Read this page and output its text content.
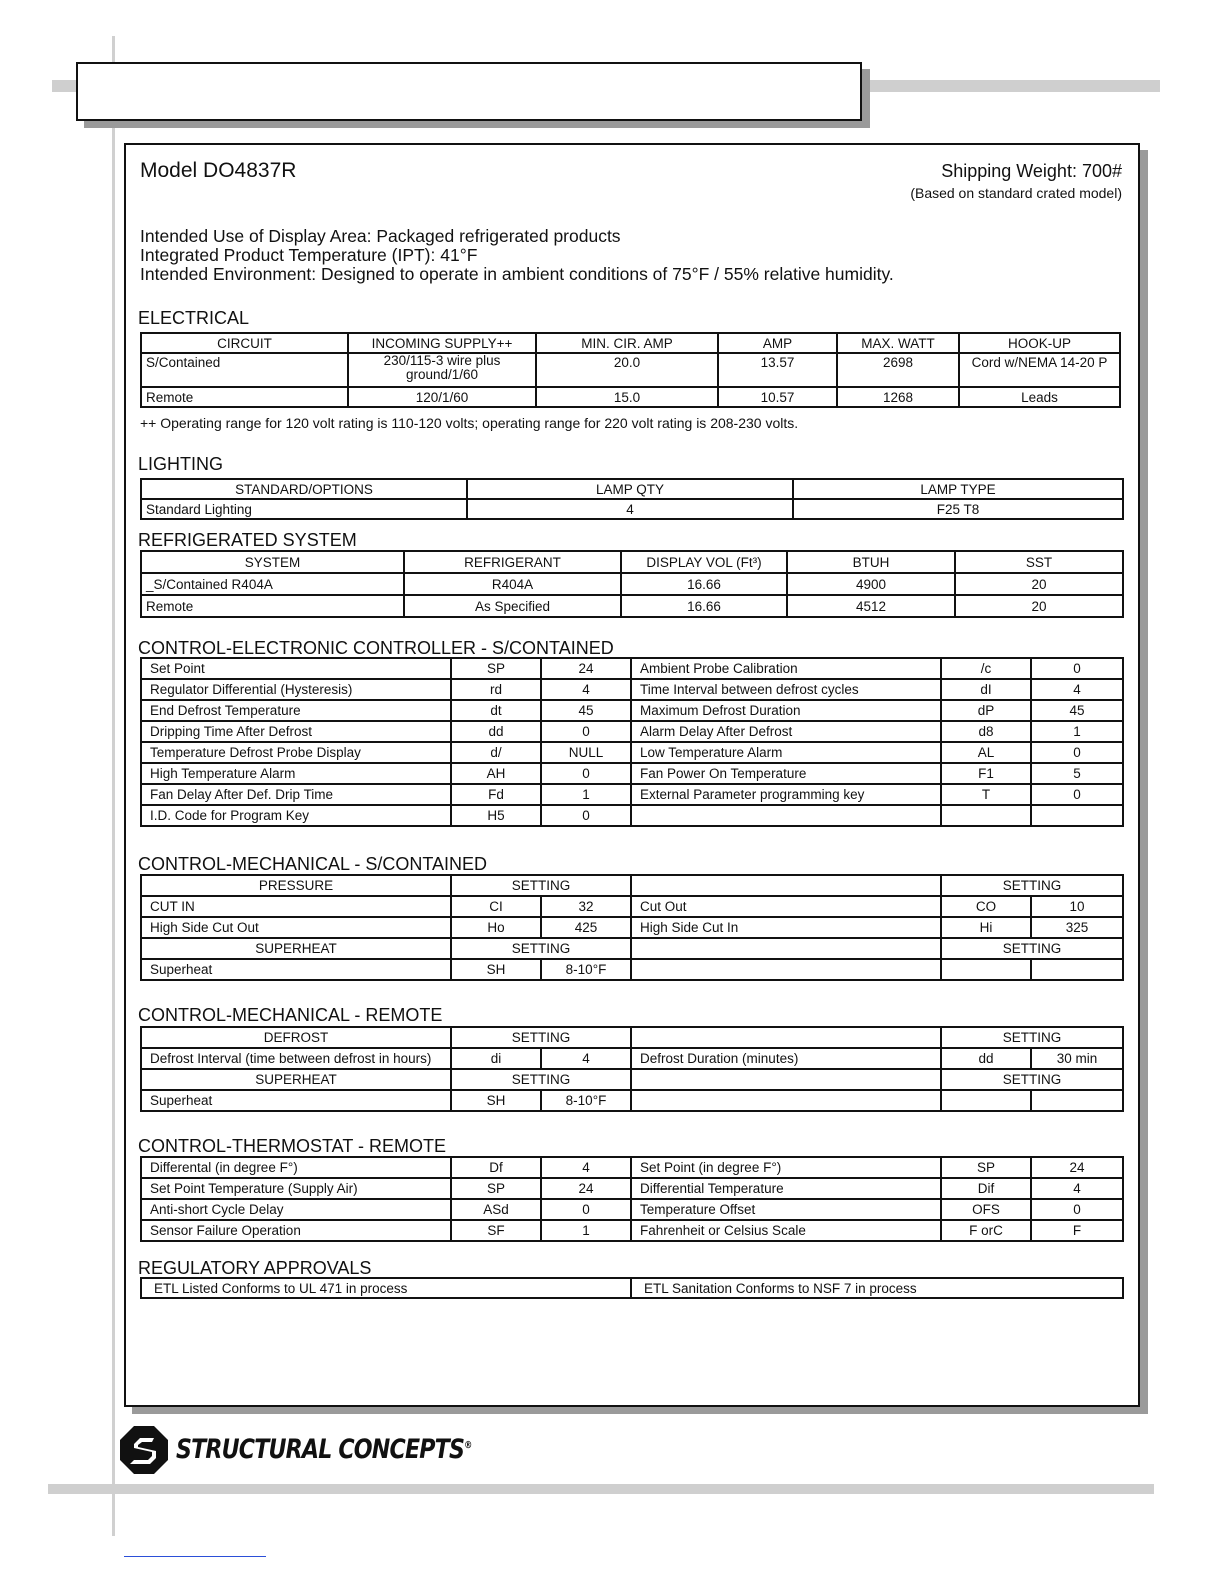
Model DO4837R	Shipping Weight: 700#
(Based on standard crated model)
Intended Use of Display Area: Packaged refrigerated products
Integrated Product Temperature (IPT): 41°F
Intended Environment: Designed to operate in ambient conditions of 75°F / 55% relative humidity.
ELECTRICAL
CIRCUIT	INCOMING SUPPLY++	MIN. CIR. AMP	AMP	MAX. WATT	HOOK-UP
S/Contained	230/115-3 wire plus ground/1/60	20.0	13.57	2698	Cord w/NEMA 14-20 P
Remote	120/1/60	15.0	10.57	1268	Leads
++ Operating range for 120 volt rating is 110-120 volts; operating range for 220 volt rating is 208-230 volts.
LIGHTING
STANDARD/OPTIONS	LAMP QTY	LAMP TYPE
Standard Lighting	4	F25 T8
REFRIGERATED SYSTEM
SYSTEM	REFRIGERANT	DISPLAY VOL (Ft³)	BTUH	SST
_S/Contained R404A	R404A	16.66	4900	20
Remote	As Specified	16.66	4512	20
CONTROL-ELECTRONIC CONTROLLER - S/CONTAINED
Set Point	SP	24	Ambient Probe Calibration	/c	0
Regulator Differential (Hysteresis)	rd	4	Time Interval between defrost cycles	dI	4
End Defrost Temperature	dt	45	Maximum Defrost Duration	dP	45
Dripping Time After Defrost	dd	0	Alarm Delay After Defrost	d8	1
Temperature Defrost Probe Display	d/	NULL	Low Temperature Alarm	AL	0
High Temperature Alarm	AH	0	Fan Power On Temperature	F1	5
Fan Delay After Def. Drip Time	Fd	1	External Parameter programming key	T	0
I.D. Code for Program Key	H5	0			
CONTROL-MECHANICAL - S/CONTAINED
PRESSURE	SETTING			SETTING	
CUT IN	CI	32	Cut Out	CO	10
High Side Cut Out	Ho	425	High Side Cut In	Hi	325
SUPERHEAT	SETTING			SETTING	
Superheat	SH	8-10°F			
CONTROL-MECHANICAL - REMOTE
DEFROST	SETTING			SETTING	
Defrost Interval (time between defrost in hours)	di	4	Defrost Duration (minutes)	dd	30 min
SUPERHEAT	SETTING			SETTING	
Superheat	SH	8-10°F			
CONTROL-THERMOSTAT - REMOTE
Differental (in degree F°)	Df	4	Set Point (in degree F°)	SP	24
Set Point Temperature (Supply Air)	SP	24	Differential Temperature	Dif	4
Anti-short Cycle Delay	ASd	0	Temperature Offset	OFS	0
Sensor Failure Operation	SF	1	Fahrenheit or Celsius Scale	F orC	F
REGULATORY APPROVALS
ETL Listed Conforms to UL 471 in process	ETL Sanitation Conforms to NSF 7 in process
STRUCTURAL CONCEPTS®
